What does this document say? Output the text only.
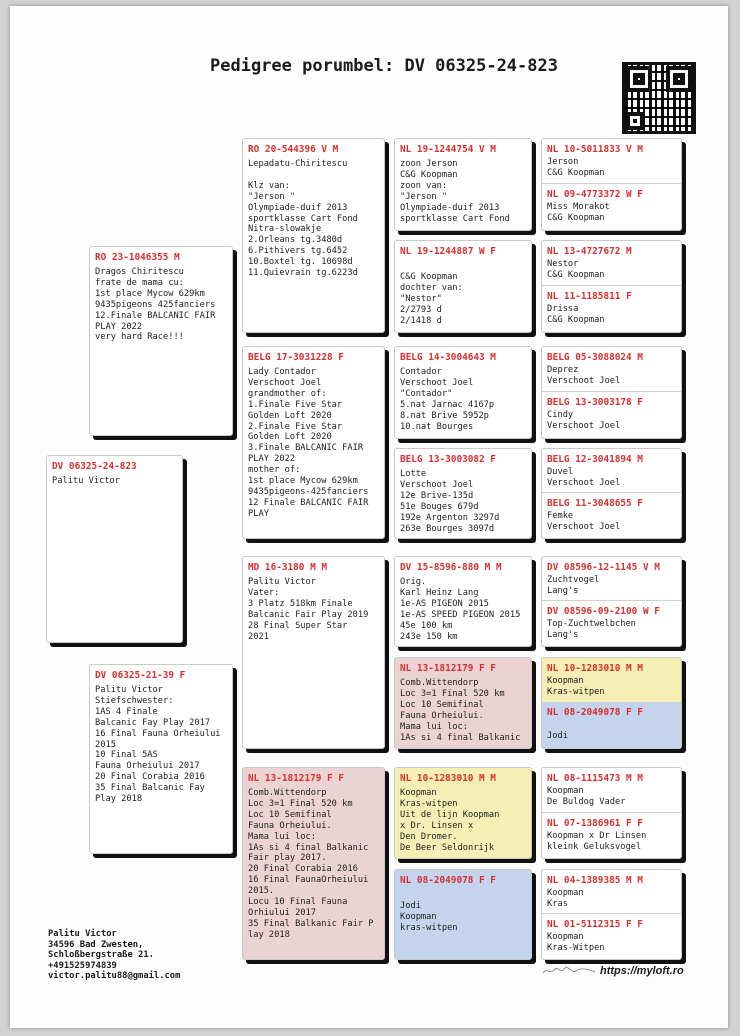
Pedigree porumbel: DV 06325-24-823
DV 06325-24-823
Palitu Victor
RO 23-1046355 M
Dragos Chiritescu
frate de mama cu:
1st place Mycow 629km
9435pigeons 425fanciers
12.Finale BALCANIC FAIR
PLAY 2022
very hard Race!!!
DV 06325-21-39 F
Palitu Victor
Stiefschwester:
1AS 4 Finale
Balcanic Fay Play 2017
16 Final Fauna Orheiului
2015
10 Final 5AS
Fauna Orheiului 2017
20 Final Corabia 2016
35 Final Balcanic Fay
Play 2018
RO 20-544396 V M
Lepadatu-Chiritescu

Klz van:
"Jerson "
Olympiade-duif 2013
sportklasse Cart Fond
Nitra-slowakje
2.Orleans tg.3480d
6.Pithivers tg.6452
10.Boxtel tg. 10698d
11.Quievrain tg.6223d
BELG 17-3031228 F
Lady Contador
Verschoot Joel
grandmother of:
1.Finale Five Star
Golden Loft 2020
2.Finale Five Star
Golden Loft 2020
3.Finale BALCANIC FAIR
PLAY 2022
mother of:
1st place Mycow 629km
9435pigeons-425fanciers
12 Finale BALCANIC FAIR
PLAY
MD 16-3180 M M
Palitu Victor
Vater:
3 Platz 518km Finale
Balcanic Fair Play 2019
28 Final Super Star
2021
NL 13-1812179 F F
Comb.Wittendorp
Loc 3=1 Final 520 km
Loc 10 Semifinal
Fauna Orheiului.
Mama lui loc:
1As si 4 final Balkanic
Fair play 2017.
20 Final Corabia 2016
16 Final FaunaOrheiului
2015.
Locu 10 Final Fauna
Orhiului 2017
35 Final Balkanic Fair P
lay 2018
NL 19-1244754 V M
zoon Jerson
C&G Koopman
zoon van:
"Jerson "
Olympiade-duif 2013
sportklasse Cart Fond
NL 19-1244887 W F

C&G Koopman
dochter van:
"Nestor"
2/2793 d
2/1418 d
BELG 14-3004643 M
Contador
Verschoot Joel
"Contador"
5.nat Jarnac 4167p
8.nat Brive 5952p
10.nat Bourges
BELG 13-3003082 F
Lotte
Verschoot Joel
12e Brive-135d
51e Bouges 679d
192e Argenton 3297d
263e Bourges 3097d
DV 15-8596-880 M M
Orig.
Karl Heinz Lang
1e-AS PIGEON 2015
1e-AS SPEED PIGEON 2015
45e 100 km
243e 150 km
NL 13-1812179 F F
Comb.Wittendorp
Loc 3=1 Final 520 km
Loc 10 Semifinal
Fauna Orheiului.
Mama lui loc:
1As si 4 final Balkanic
NL 10-1283010 M M
Koopman
Kras-witpen
Uit de lijn Koopman
x Dr. Linsen x
Den Dromer.
De Beer Seldonrijk
NL 08-2049078 F F

Jodi
Koopman
kras-witpen
NL 10-5011833 V M
Jerson
C&G Koopman
NL 09-4773372 W F
Miss Morakot
C&G Koopman
NL 13-4727672 M
Nestor
C&G Koopman
NL 11-1185811 F
Drissa
C&G Koopman
BELG 05-3088024 M
Deprez
Verschoot Joel
BELG 13-3003178 F
Cindy
Verschoot Joel
BELG 12-3041894 M
Duvel
Verschoot Joel
BELG 11-3048655 F
Femke
Verschoot Joel
DV 08596-12-1145 V M
Zuchtvogel
Lang's
DV 08596-09-2100 W F
Top-Zuchtwelbchen
Lang's
NL 10-1283010 M M
Koopman
Kras-witpen
NL 08-2049078 F F

Jodi
NL 08-1115473 M M
Koopman
De Buldog Vader
NL 07-1386961 F F
Koopman x Dr Linsen
kleink Geluksvogel
NL 04-1389385 M M
Koopman
Kras
NL 01-5112315 F F
Koopman
Kras-Witpen
Palitu Victor
34596 Bad Zwesten,
Schloßbergstraße 21.
+491525974839
victor.palitu88@gmail.com	https://myloft.ro
